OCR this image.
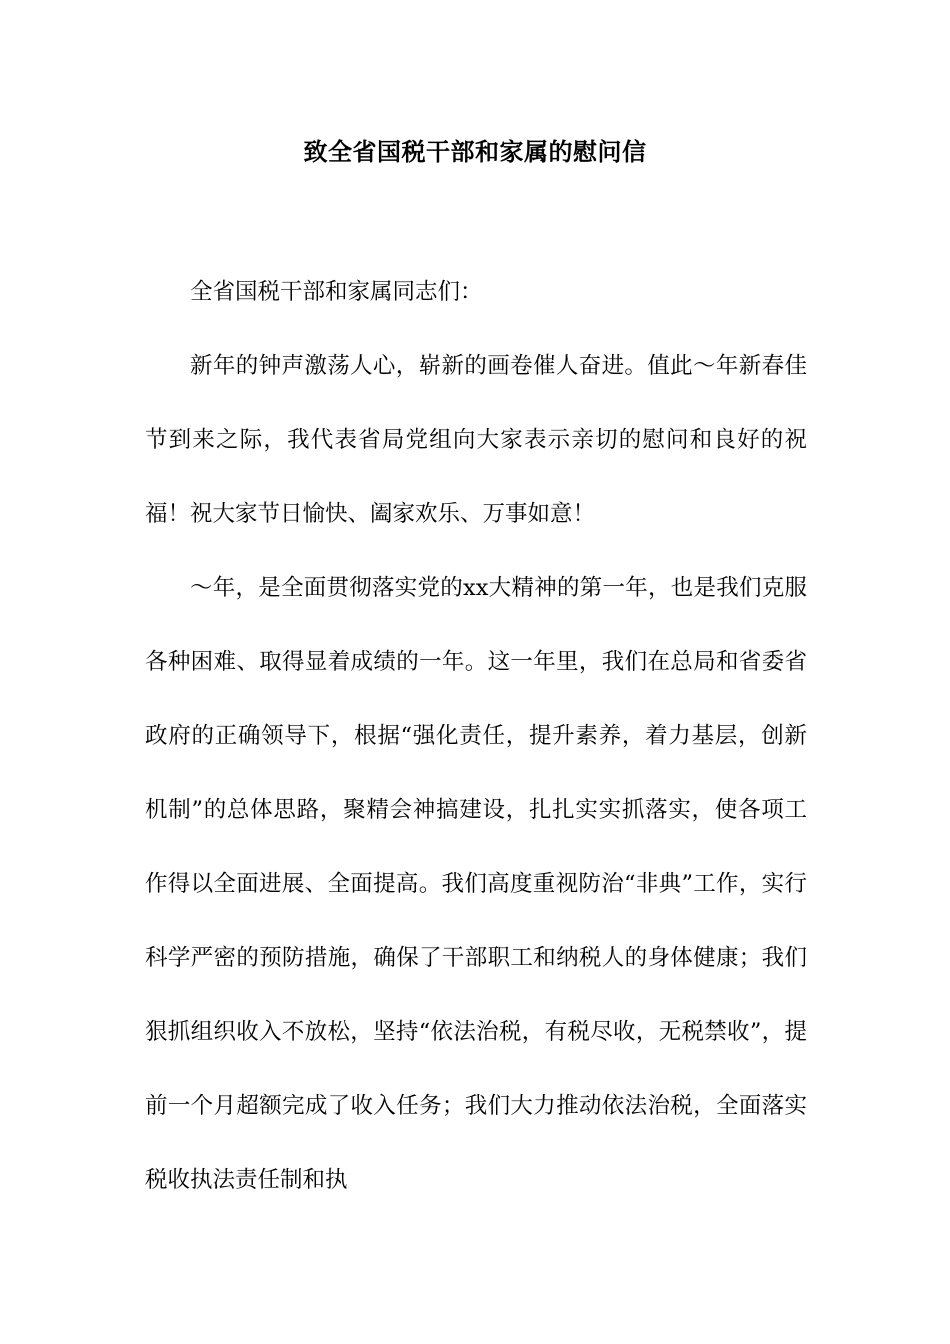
致全省国税干部和家属的慰问信

全省国税干部和家属同志们：

新年的钟声激荡人心，崭新的画卷催人奋进。值此～年新春佳节到来之际，我代表省局党组向大家表示亲切的慰问和良好的祝福！祝大家节日愉快、阖家欢乐、万事如意！

～年，是全面贯彻落实党的xx大精神的第一年，也是我们克服各种困难、取得显着成绩的一年。这一年里，我们在总局和省委省政府的正确领导下，根据“强化责任，提升素养，着力基层，创新机制”的总体思路，聚精会神搞建设，扎扎实实抓落实，使各项工作得以全面进展、全面提高。我们高度重视防治“非典”工作，实行科学严密的预防措施，确保了干部职工和纳税人的身体健康；我们狠抓组织收入不放松，坚持“依法治税，有税尽收，无税禁收”，提前一个月超额完成了收入任务；我们大力推动依法治税，全面落实税收执法责任制和执
